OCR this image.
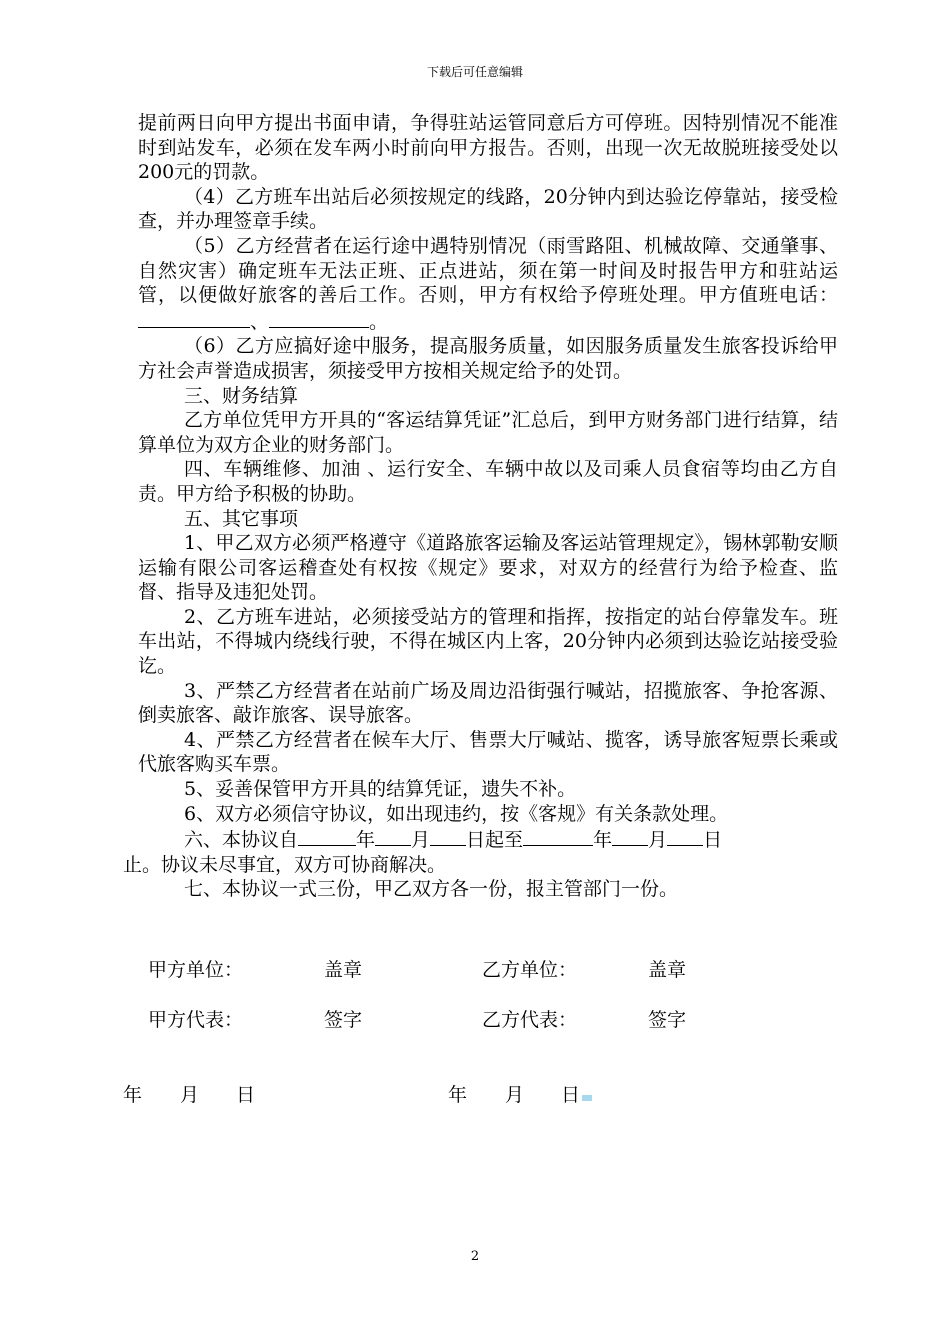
下载后可任意编辑

提前两日向甲方提出书面申请，争得驻站运管同意后方可停班。因特别情况不能准时到站发车，必须在发车两小时前向甲方报告。否则，出现一次无故脱班接受处以200元的罚款。

（4）乙方班车出站后必须按规定的线路，20分钟内到达验讫停靠站，接受检查，并办理签章手续。

（5）乙方经营者在运行途中遇特别情况（雨雪路阻、机械故障、交通肇事、自然灾害）确定班车无法正班、正点进站，须在第一时间及时报告甲方和驻站运管，以便做好旅客的善后工作。否则，甲方有权给予停班处理。甲方值班电话：、	。

（6）乙方应搞好途中服务，提高服务质量，如因服务质量发生旅客投诉给甲方社会声誉造成损害，须接受甲方按相关规定给予的处罚。

三、财务结算

乙方单位凭甲方开具的“客运结算凭证”汇总后，到甲方财务部门进行结算，结算单位为双方企业的财务部门。

四、车辆维修、加油 、运行安全、车辆中故以及司乘人员食宿等均由乙方自责。甲方给予积极的协助。

五、其它事项

1、甲乙双方必须严格遵守《道路旅客运输及客运站管理规定》，锡林郭勒安顺运输有限公司客运稽查处有权按《规定》要求，对双方的经营行为给予检查、监督、指导及违犯处罚。

2、乙方班车进站，必须接受站方的管理和指挥，按指定的站台停靠发车。班车出站，不得城内绕线行驶，不得在城区内上客，20分钟内必须到达验讫站接受验讫。

3、严禁乙方经营者在站前广场及周边沿街强行喊站，招揽旅客、争抢客源、倒卖旅客、敲诈旅客、误导旅客。

4、严禁乙方经营者在候车大厅、售票大厅喊站、揽客，诱导旅客短票长乘或代旅客购买车票。

5、妥善保管甲方开具的结算凭证，遗失不补。

6、双方必须信守协议，如出现违约，按《客规》有关条款处理。

六、本协议自	年 月 日起至	年 月 日

止。协议未尽事宜，双方可协商解决。

七、本协议一式三份，甲乙双方各一份，报主管部门一份。

甲方单位：	盖章	乙方单位：	盖章
甲方代表：	签字	乙方代表：	签字
年 月 日	年 月 日
2
